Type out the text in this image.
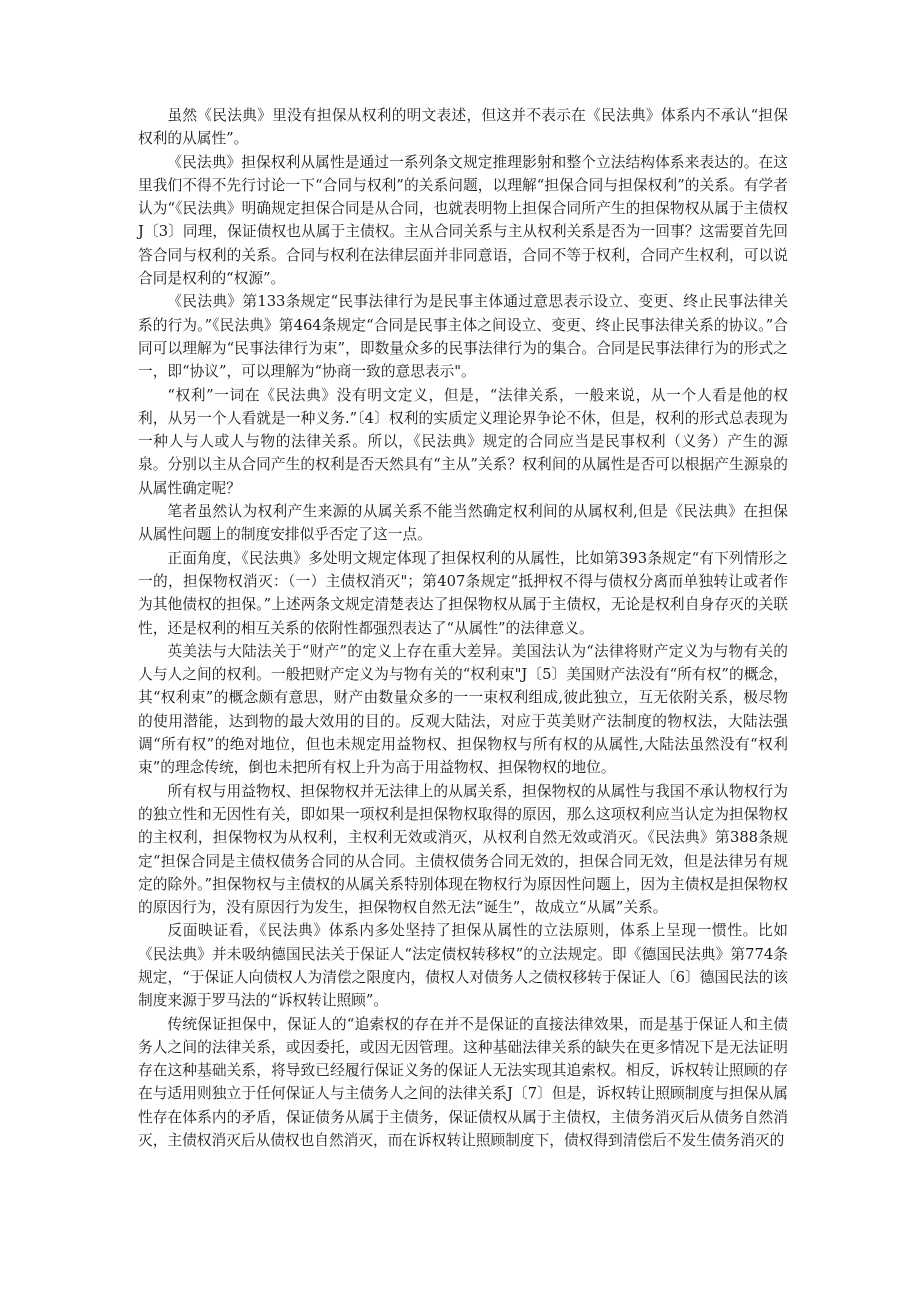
虽然《民法典》里没有担保从权利的明文表述，但这并不表示在《民法典》体系内不承认“担保权利的从属性”。

《民法典》担保权利从属性是通过一系列条文规定推理影射和整个立法结构体系来表达的。在这里我们不得不先行讨论一下“合同与权利”的关系问题，以理解“担保合同与担保权利”的关系。有学者认为“《民法典》明确规定担保合同是从合同，也就表明物上担保合同所产生的担保物权从属于主债权J〔3〕同理，保证债权也从属于主债权。主从合同关系与主从权利关系是否为一回事？这需要首先回答合同与权利的关系。合同与权利在法律层面并非同意语，合同不等于权利，合同产生权利，可以说合同是权利的“权源”。

《民法典》第133条规定“民事法律行为是民事主体通过意思表示设立、变更、终止民事法律关系的行为。”《民法典》第464条规定“合同是民事主体之间设立、变更、终止民事法律关系的协议。”合同可以理解为“民事法律行为束”，即数量众多的民事法律行为的集合。合同是民事法律行为的形式之一，即“协议”，可以理解为“协商一致的意思表示"。

“权利”一词在《民法典》没有明文定义，但是，“法律关系，一般来说，从一个人看是他的权利，从另一个人看就是一种义务.”〔4〕权利的实质定义理论界争论不休，但是，权利的形式总表现为一种人与人或人与物的法律关系。所以，《民法典》规定的合同应当是民事权利（义务）产生的源泉。分别以主从合同产生的权利是否天然具有“主从”关系？权利间的从属性是否可以根据产生源泉的从属性确定呢？

笔者虽然认为权利产生来源的从属关系不能当然确定权利间的从属权利,但是《民法典》在担保从属性问题上的制度安排似乎否定了这一点。

正面角度，《民法典》多处明文规定体现了担保权利的从属性，比如第393条规定“有下列情形之一的，担保物权消灭：（一）主债权消灭"；第407条规定“抵押权不得与债权分离而单独转让或者作为其他债权的担保。”上述两条文规定清楚表达了担保物权从属于主债权，无论是权利自身存灭的关联性，还是权利的相互关系的依附性都强烈表达了“从属性”的法律意义。

英美法与大陆法关于“财产”的定义上存在重大差异。美国法认为“法律将财产定义为与物有关的人与人之间的权利。一般把财产定义为与物有关的“权利束"J〔5〕美国财产法没有“所有权”的概念，其“权利束”的概念颇有意思，财产由数量众多的一一束权利组成,彼此独立，互无依附关系，极尽物的使用潜能，达到物的最大效用的目的。反观大陆法，对应于英美财产法制度的物权法，大陆法强调“所有权”的绝对地位，但也未规定用益物权、担保物权与所有权的从属性,大陆法虽然没有“权利束”的理念传统，倒也未把所有权上升为高于用益物权、担保物权的地位。

所有权与用益物权、担保物权并无法律上的从属关系，担保物权的从属性与我国不承认物权行为的独立性和无因性有关，即如果一项权利是担保物权取得的原因，那么这项权利应当认定为担保物权的主权利，担保物权为从权利，主权利无效或消灭，从权利自然无效或消灭。《民法典》第388条规定“担保合同是主债权债务合同的从合同。主债权债务合同无效的，担保合同无效，但是法律另有规定的除外。”担保物权与主债权的从属关系特别体现在物权行为原因性问题上，因为主债权是担保物权的原因行为，没有原因行为发生，担保物权自然无法“诞生”，故成立“从属”关系。

反面映证看，《民法典》体系内多处坚持了担保从属性的立法原则，体系上呈现一惯性。比如《民法典》并未吸纳德国民法关于保证人“法定债权转移权”的立法规定。即《德国民法典》第774条规定，“于保证人向债权人为清偿之限度内，债权人对债务人之债权移转于保证人〔6〕德国民法的该制度来源于罗马法的“诉权转让照顾”。

传统保证担保中，保证人的“追索权的存在并不是保证的直接法律效果，而是基于保证人和主债务人之间的法律关系，或因委托，或因无因管理。这种基础法律关系的缺失在更多情况下是无法证明存在这种基础关系，将导致已经履行保证义务的保证人无法实现其追索权。相反，诉权转让照顾的存在与适用则独立于任何保证人与主债务人之间的法律关系J〔7〕但是，诉权转让照顾制度与担保从属性存在体系内的矛盾，保证债务从属于主债务，保证债权从属于主债权，主债务消灭后从债务自然消灭，主债权消灭后从债权也自然消灭，而在诉权转让照顾制度下，债权得到清偿后不发生债务消灭的
